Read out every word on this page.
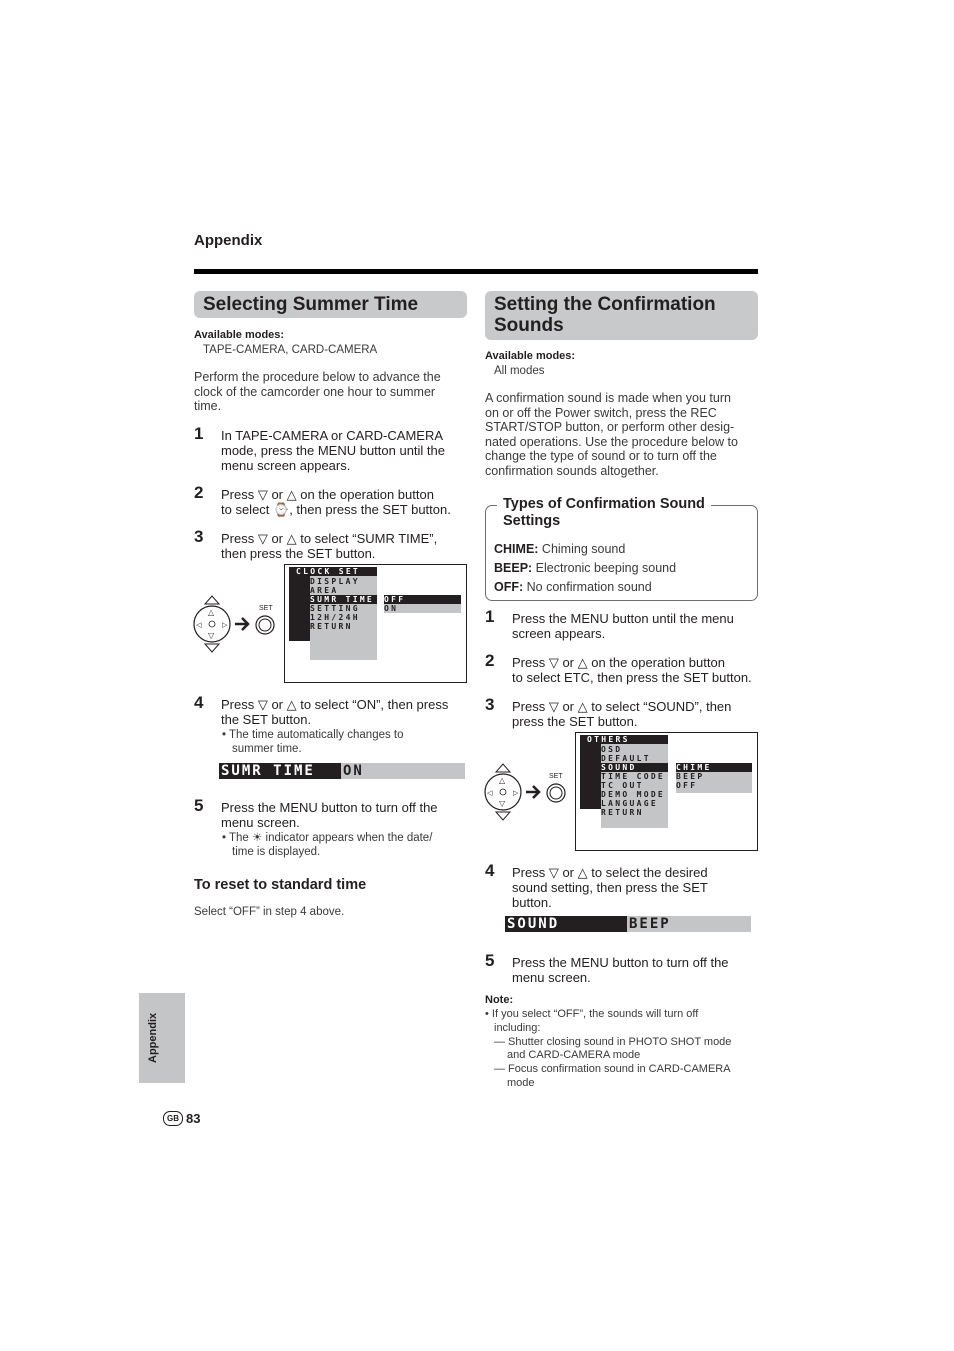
Appendix
Selecting Summer Time
Available modes:
TAPE-CAMERA, CARD-CAMERA
Perform the procedure below to advance the
clock of the camcorder one hour to summer
time.
1 In TAPE-CAMERA or CARD-CAMERA
mode, press the MENU button until the
menu screen appears.
2 Press ▽ or △ on the operation button
to select ⌚, then press the SET button.
3 Press ▽ or △ to select “SUMR TIME”,
then press the SET button.
△
▽
◁	▷
SET
CLOCK SET
DISPLAY
AREA
SUMR TIME
SETTING
12H/24H
RETURN
OFF
ON
4 Press ▽ or △ to select “ON”, then press
the SET button.
• The time automatically changes to
summer time.
SUMR TIME	ON
5 Press the MENU button to turn off the
menu screen.
• The ☀ indicator appears when the date/
time is displayed.
To reset to standard time
Select “OFF” in step 4 above.
Setting the Confirmation
Sounds
Available modes:
All modes
A confirmation sound is made when you turn
on or off the Power switch, press the REC
START/STOP button, or perform other desig-
nated operations. Use the procedure below to
change the type of sound or to turn off the
confirmation sounds altogether.
Types of Confirmation Sound
Settings
CHIME: Chiming sound
BEEP: Electronic beeping sound
OFF: No confirmation sound
1 Press the MENU button until the menu
screen appears.
2 Press ▽ or △ on the operation button
to select ETC, then press the SET button.
3 Press ▽ or △ to select “SOUND”, then
press the SET button.
△
▽
◁	▷
SET
OTHERS
OSD
DEFAULT
SOUND
TIME CODE
TC OUT
DEMO MODE
LANGUAGE
RETURN
CHIME
BEEP
OFF
4 Press ▽ or △ to select the desired
sound setting, then press the SET
button.
SOUND	BEEP
5 Press the MENU button to turn off the
menu screen.
Note:
• If you select “OFF”, the sounds will turn off
including:
— Shutter closing sound in PHOTO SHOT mode
and CARD-CAMERA mode
— Focus confirmation sound in CARD-CAMERA
mode
Appendix
GB 83
